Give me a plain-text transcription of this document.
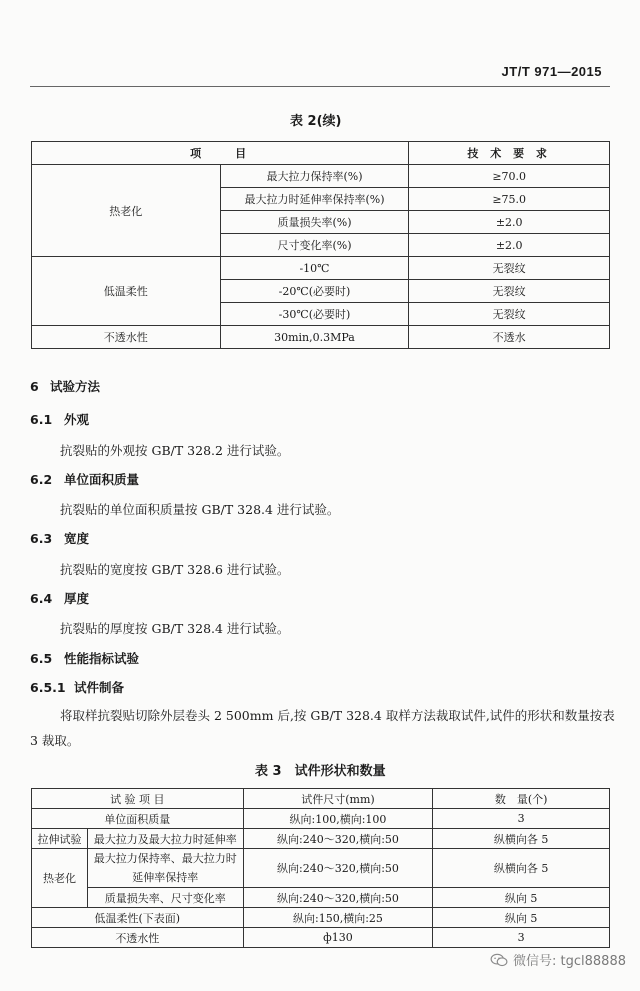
JT/T 971—2015
表 2(续)
项　　目		技 术 要 求
热老化	最大拉力保持率(%)	≥70.0
	最大拉力时延伸率保持率(%)	≥75.0
	质量损失率(%)	±2.0
	尺寸变化率(%)	±2.0
低温柔性	-10℃	无裂纹
	-20℃(必要时)	无裂纹
	-30℃(必要时)	无裂纹
不透水性	30min,0.3MPa	不透水
6 试验方法
6.1 外观
抗裂贴的外观按 GB/T 328.2 进行试验。
6.2 单位面积质量
抗裂贴的单位面积质量按 GB/T 328.4 进行试验。
6.3 宽度
抗裂贴的宽度按 GB/T 328.6 进行试验。
6.4 厚度
抗裂贴的厚度按 GB/T 328.4 进行试验。
6.5 性能指标试验
6.5.1 试件制备
将取样抗裂贴切除外层卷头 2 500mm 后,按 GB/T 328.4 取样方法裁取试件,试件的形状和数量按表 3 裁取。
表 3　试件形状和数量
试 验 项 目		试件尺寸(mm)	数　量(个)
单位面积质量		纵向:100,横向:100	3
拉伸试验	最大拉力及最大拉力时延伸率	纵向:240～320,横向:50	纵横向各 5
热老化	最大拉力保持率、最大拉力时延伸率保持率	纵向:240～320,横向:50	纵横向各 5
	质量损失率、尺寸变化率	纵向:240～320,横向:50	纵向 5
低温柔性(下表面)		纵向:150,横向:25	纵向 5
不透水性		ф130	3
微信号: tgcl88888
